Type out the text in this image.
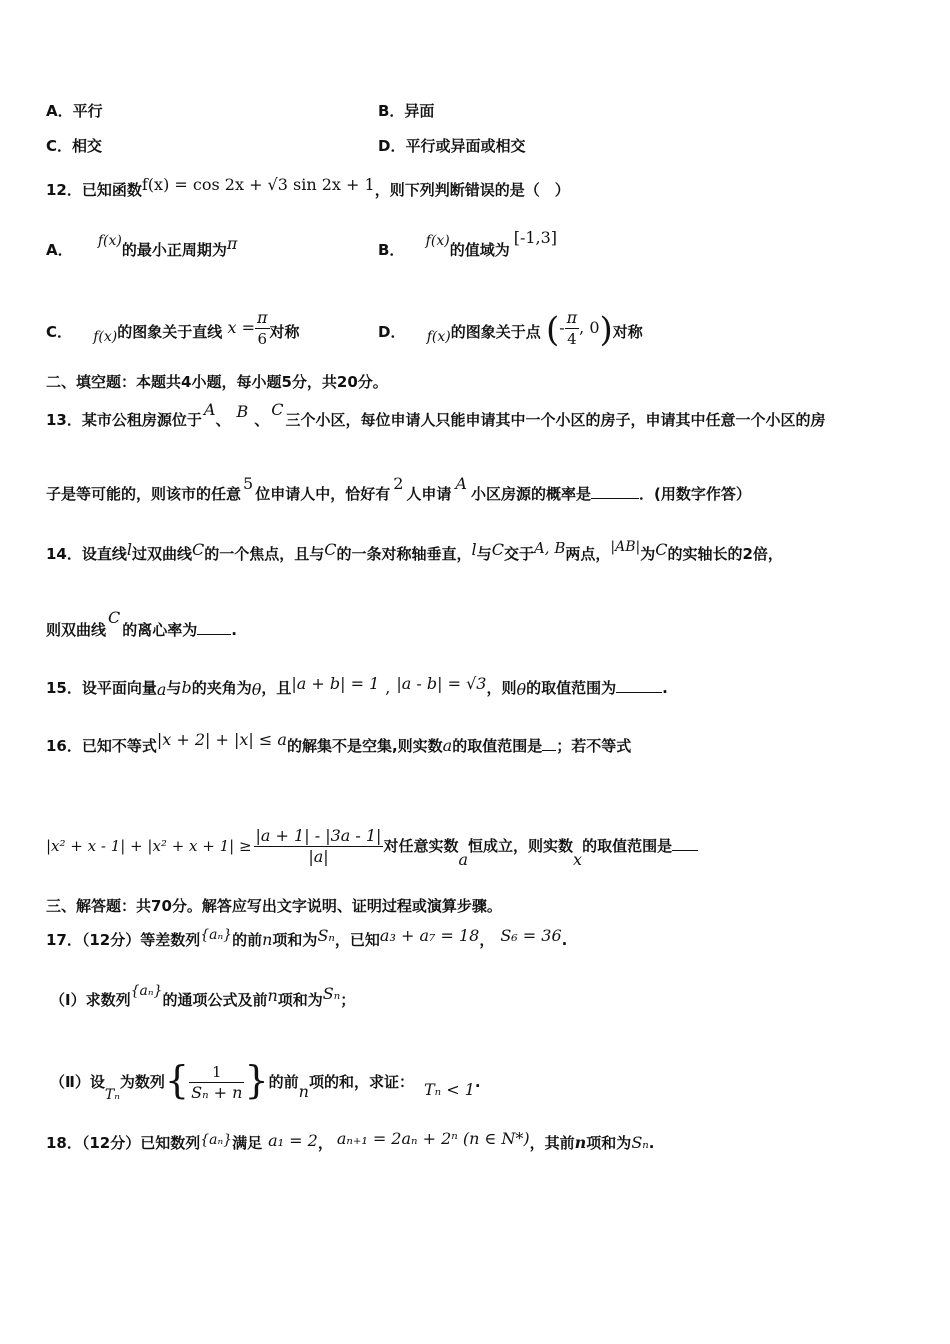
A．平行	B．异面
C．相交	D．平行或异面或相交
12．已知函数f(x) = cos 2x + √3 sin 2x + 1，则下列判断错误的是（　）
A． f(x)的最小正周期为π	B． f(x)的值域为[-1,3]
C． f(x)的图象关于直线 $x = \frac{\pi}{6}$ 对称	D． f(x)的图象关于点 (- $\frac{\pi}{4}$ , 0)对称
二、填空题：本题共4小题，每小题5分，共20分。
13．某市公租房源位于A、 B 、C三个小区，每位申请人只能申请其中一个小区的房子，申请其中任意一个小区的房
子是等可能的，则该市的任意5位申请人中，恰好有2人申请A小区房源的概率是	．(用数字作答）
14．设直线l过双曲线C的一个焦点，且与C的一条对称轴垂直，l与C交于A, B两点，|AB|为C的实轴长的2倍，
则双曲线C的离心率为 .
15．设平面向量a与b的夹角为θ，且|a + b| = 1 , |a - b| = √3，则θ的取值范围为	.
16．已知不等式|x + 2| + |x| ≤ a的解集不是空集,则实数a的取值范围是 ；若不等式
$|x^2 + x - 1| + |x^2 + x + 1| \ge \frac{|a + 1| - |3a - 1|}{|a|}$ 对任意实数a恒成立，则实数x的取值范围是
三、解答题：共70分。解答应写出文字说明、证明过程或演算步骤。
17．（12分）等差数列{aₙ}的前n项和为Sₙ，已知a₃ + a₇ = 18， S₆ = 36.
（Ⅰ）求数列{aₙ}的通项公式及前n项和为Sₙ；
（Ⅱ）设Tₙ为数列{ $\frac{1}{\text{Sₙ + n}}$ }的前n项的和，求证： Tₙ < 1.
18．（12分）已知数列{aₙ}满足 a₁ = 2， aₙ₊₁ = 2aₙ + 2ⁿ (n ∈ N*)，其前n项和为Sₙ.
